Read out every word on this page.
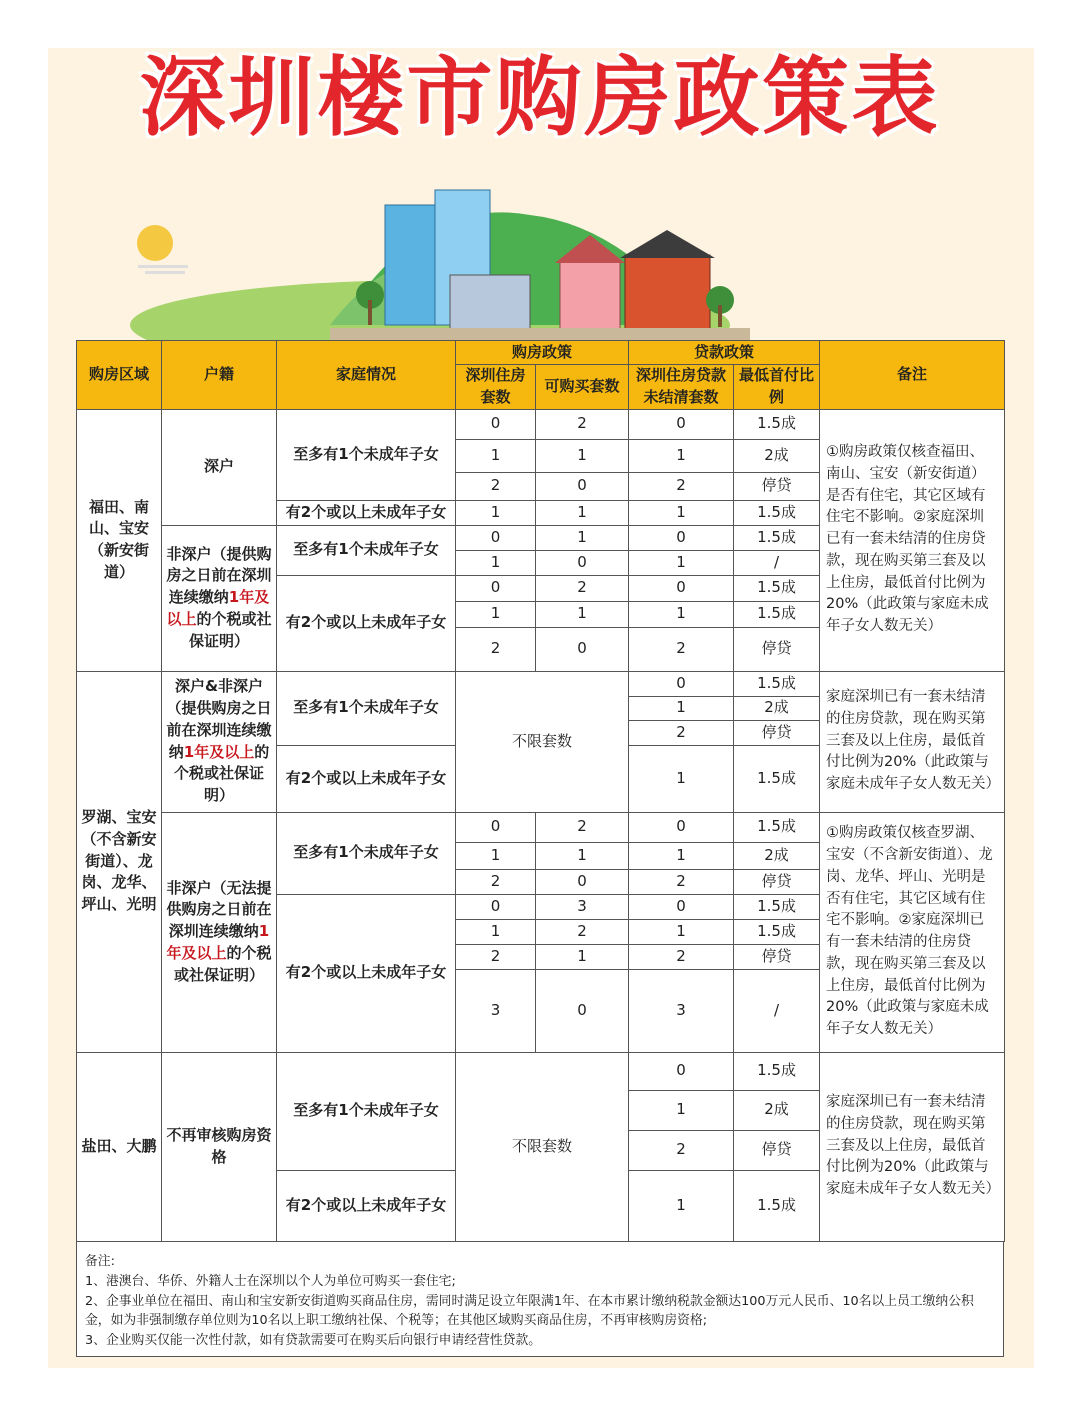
深圳楼市购房政策表
购房区域	户籍	家庭情况	购房政策		贷款政策		备注
			深圳住房套数	可购买套数	深圳住房贷款未结清套数	最低首付比例	
福田、南山、宝安（新安街道）	深户	至多有1个未成年子女	0	2	0	1.5成	①购房政策仅核查福田、南山、宝安（新安街道）是否有住宅，其它区域有住宅不影响。②家庭深圳已有一套未结清的住房贷款，现在购买第三套及以上住房，最低首付比例为20%（此政策与家庭未成年子女人数无关）
			1	1	1	2成	
			2	0	2	停贷	
		有2个或以上未成年子女	1	1	1	1.5成	
	非深户（提供购房之日前在深圳连续缴纳1年及以上的个税或社保证明）	至多有1个未成年子女	0	1	0	1.5成	
			1	0	1	/	
		有2个或以上未成年子女	0	2	0	1.5成	
			1	1	1	1.5成	
			2	0	2	停贷	
罗湖、宝安（不含新安街道）、龙岗、龙华、坪山、光明	深户&非深户（提供购房之日前在深圳连续缴纳1年及以上的个税或社保证明）	至多有1个未成年子女	不限套数		0	1.5成	家庭深圳已有一套未结清的住房贷款，现在购买第三套及以上住房，最低首付比例为20%（此政策与家庭未成年子女人数无关）
					1	2成	
					2	停贷	
		有2个或以上未成年子女			1	1.5成	
	非深户（无法提供购房之日前在深圳连续缴纳1年及以上的个税或社保证明）	至多有1个未成年子女	0	2	0	1.5成	①购房政策仅核查罗湖、宝安（不含新安街道）、龙岗、龙华、坪山、光明是否有住宅，其它区域有住宅不影响。②家庭深圳已有一套未结清的住房贷款，现在购买第三套及以上住房，最低首付比例为20%（此政策与家庭未成年子女人数无关）
			1	1	1	2成	
			2	0	2	停贷	
		有2个或以上未成年子女	0	3	0	1.5成	
			1	2	1	1.5成	
			2	1	2	停贷	
			3	0	3	/	
盐田、大鹏	不再审核购房资格	至多有1个未成年子女	不限套数		0	1.5成	家庭深圳已有一套未结清的住房贷款，现在购买第三套及以上住房，最低首付比例为20%（此政策与家庭未成年子女人数无关）
					1	2成	
					2	停贷	
		有2个或以上未成年子女			1	1.5成	
备注:
1、港澳台、华侨、外籍人士在深圳以个人为单位可购买一套住宅;
2、企事业单位在福田、南山和宝安新安街道购买商品住房，需同时满足设立年限满1年、在本市累计缴纳税款金额达100万元人民币、10名以上员工缴纳公积金，如为非强制缴存单位则为10名以上职工缴纳社保、个税等；在其他区域购买商品住房，不再审核购房资格;
3、企业购买仅能一次性付款，如有贷款需要可在购买后向银行申请经营性贷款。
